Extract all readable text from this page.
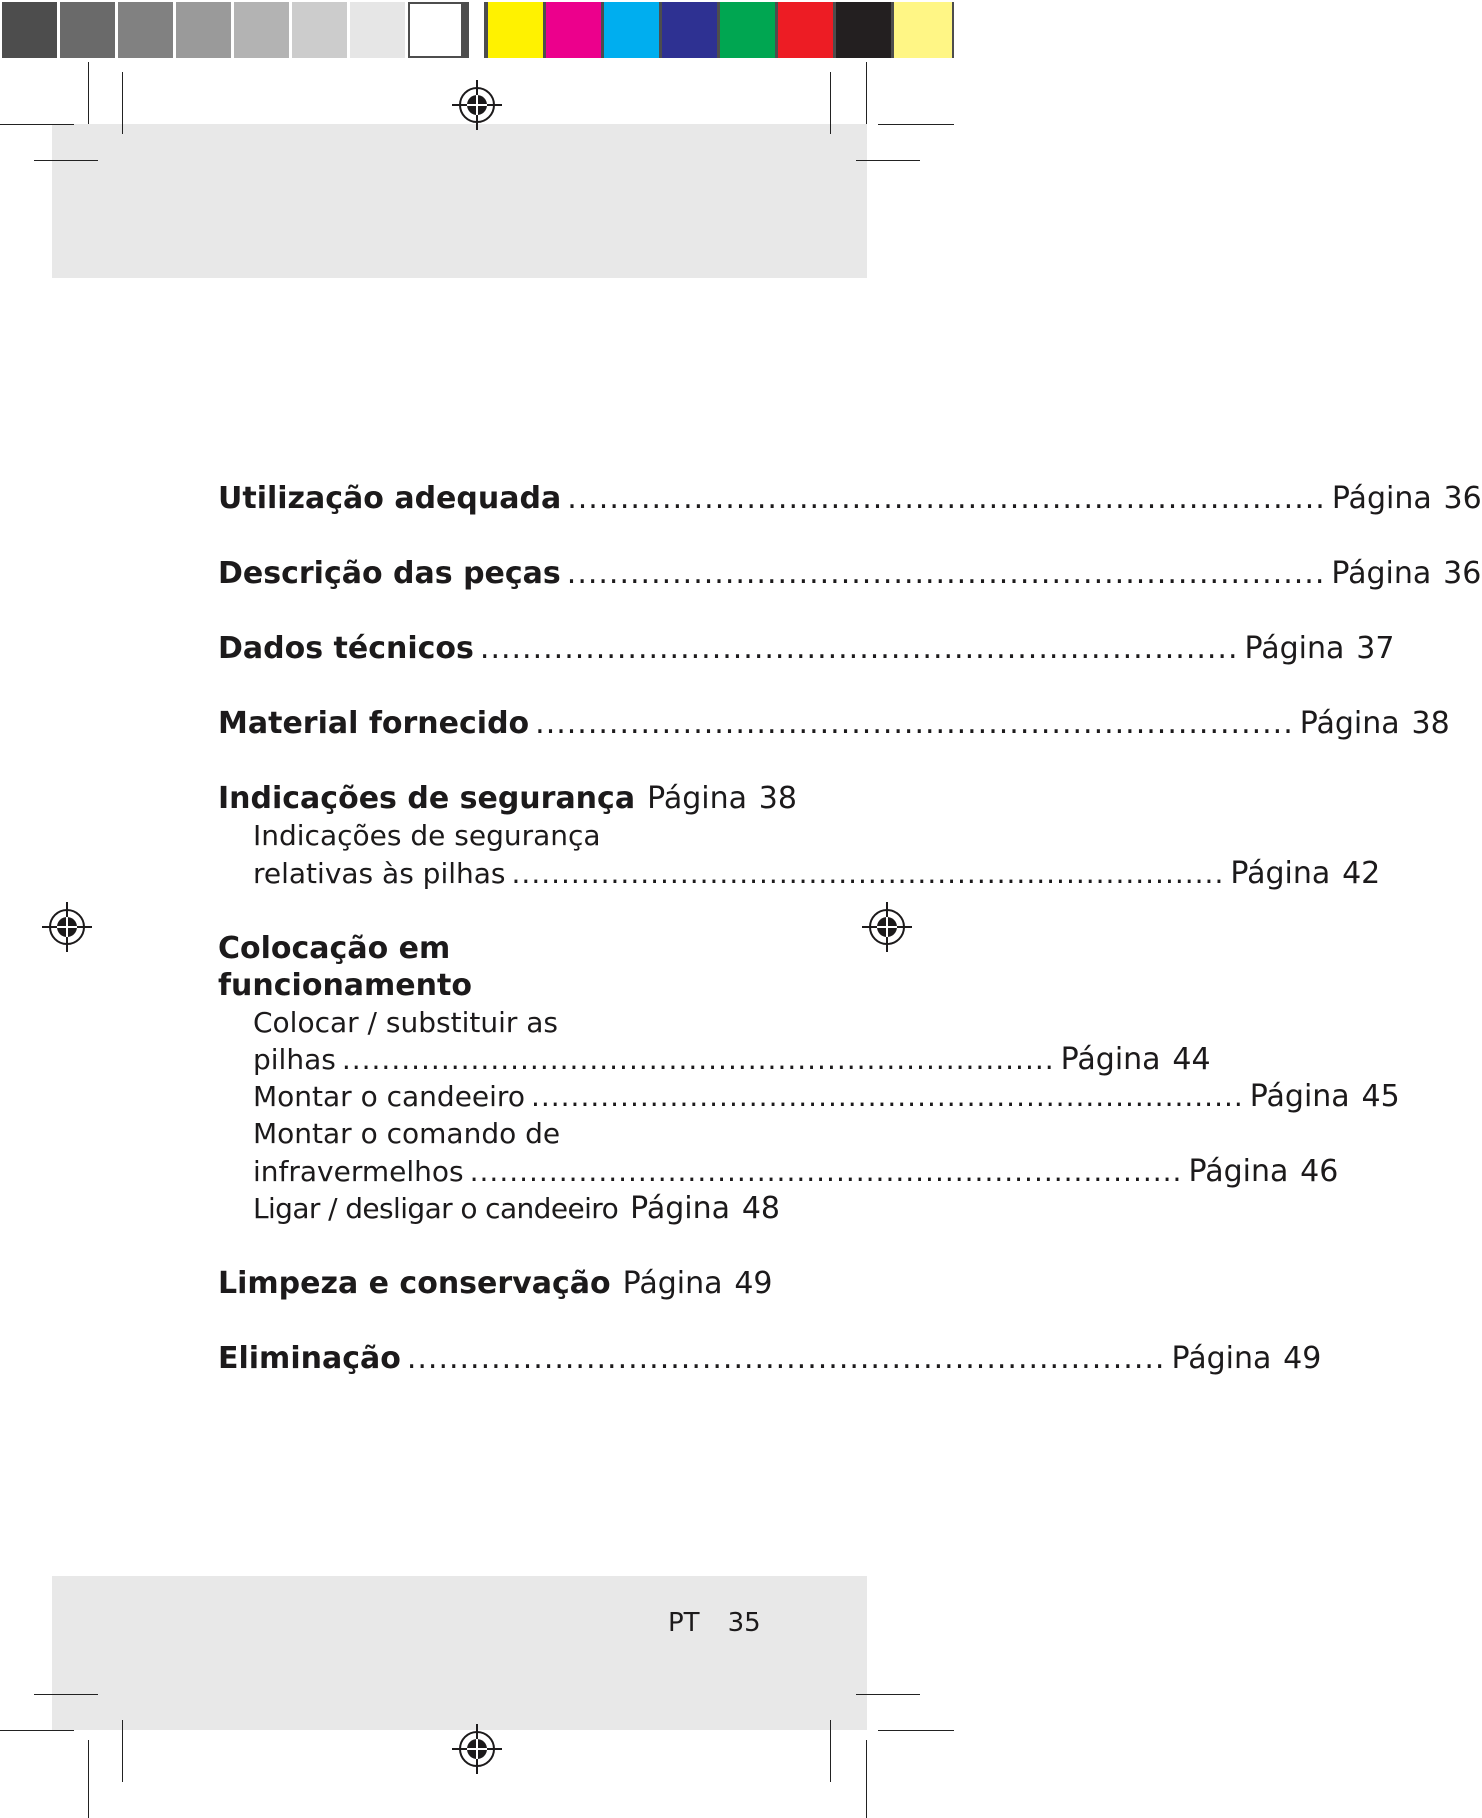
Utilização adequada ........................................................................ Página 36
Descrição das peças ........................................................................ Página 36
Dados técnicos ........................................................................ Página 37
Material fornecido ........................................................................ Página 38
Indicações de segurança Página 38
Indicações de segurança
relativas às pilhas ........................................................................ Página 42
Colocação em
funcionamento
Colocar / substituir as
pilhas ........................................................................ Página 44
Montar o candeeiro ........................................................................ Página 45
Montar o comando de
infravermelhos ........................................................................ Página 46
Ligar / desligar o candeeiro Página 48
Limpeza e conservação Página 49
Eliminação ........................................................................ Página 49
PT 35
